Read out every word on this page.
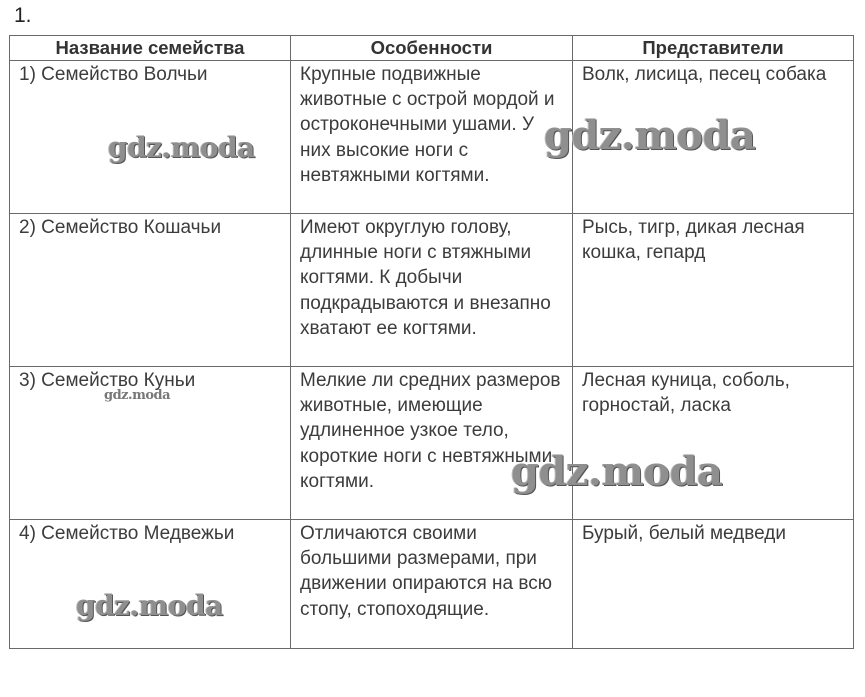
1.
Название семейства	Особенности	Представители
1) Семейство Волчьи	Крупные подвижные животные с острой мордой и остроконечными ушами. У них высокие ноги с невтяжными когтями.	Волк, лисица, песец собака
2) Семейство Кошачьи	Имеют округлую голову, длинные ноги с втяжными когтями. К добычи подкрадываются и внезапно хватают ее когтями.	Рысь, тигр, дикая лесная кошка, гепард
3) Семейство Куньи	Мелкие ли средних размеров животные, имеющие удлиненное узкое тело, короткие ноги с невтяжными когтями.	Лесная куница, соболь, горностай, ласка
4) Семейство Медвежьи	Отличаются своими большими размерами, при движении опираются на всю стопу, стопоходящие.	Бурый, белый медведи
gdz.moda	gdz.moda
gdz.moda
gdz.moda
gdz.moda
